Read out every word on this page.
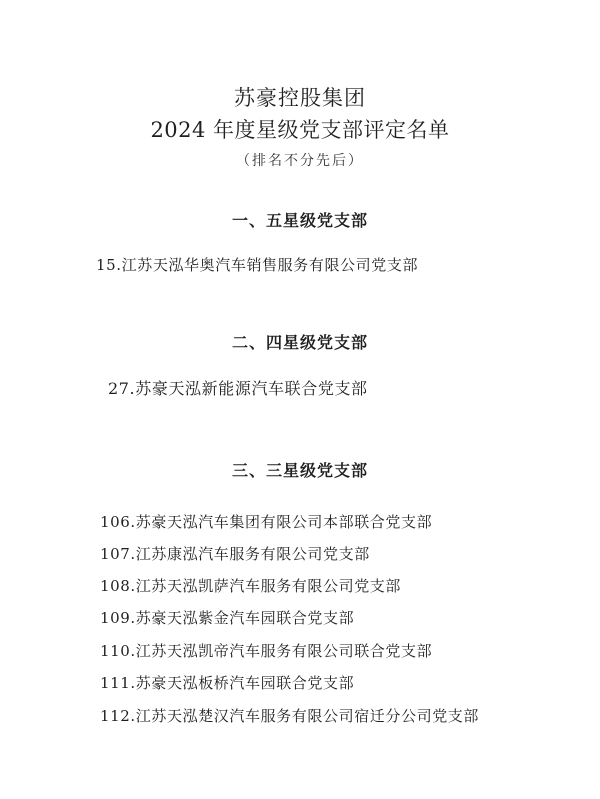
苏豪控股集团
2024 年度星级党支部评定名单
（排名不分先后）
一、五星级党支部
15.江苏天泓华奥汽车销售服务有限公司党支部
二、四星级党支部
27.苏豪天泓新能源汽车联合党支部
三、三星级党支部
106.苏豪天泓汽车集团有限公司本部联合党支部
107.江苏康泓汽车服务有限公司党支部
108.江苏天泓凯萨汽车服务有限公司党支部
109.苏豪天泓紫金汽车园联合党支部
110.江苏天泓凯帝汽车服务有限公司联合党支部
111.苏豪天泓板桥汽车园联合党支部
112.江苏天泓楚汉汽车服务有限公司宿迁分公司党支部
